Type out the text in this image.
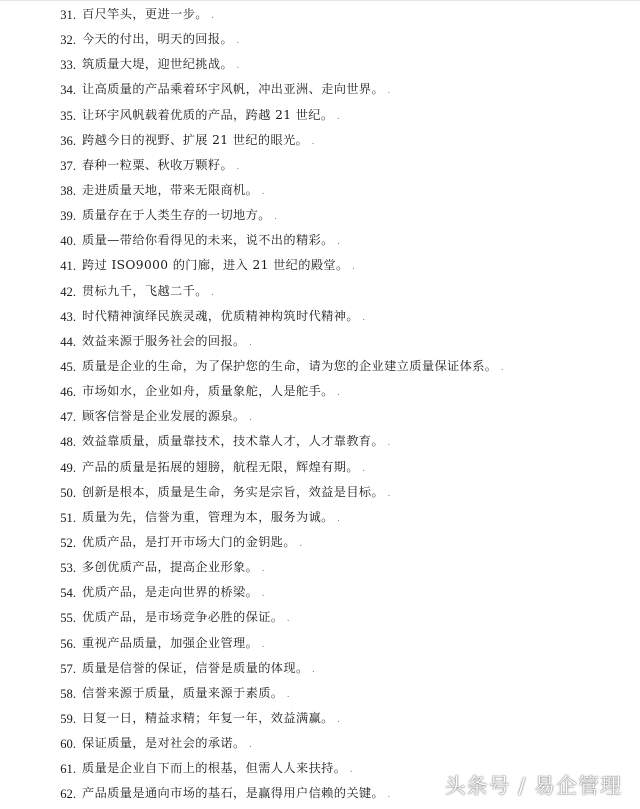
31. 百尺竿头，更进一步。 .
32. 今天的付出，明天的回报。 .
33. 筑质量大堤，迎世纪挑战。 .
34. 让高质量的产品乘着环宇风帆，冲出亚洲、走向世界。 .
35. 让环宇风帆载着优质的产品，跨越 21 世纪。 .
36. 跨越今日的视野、扩展 21 世纪的眼光。 .
37. 春种一粒粟、秋收万颗籽。 .
38. 走进质量天地，带来无限商机。 .
39. 质量存在于人类生存的一切地方。 .
40. 质量—带给你看得见的未来，说不出的精彩。 .
41. 跨过 ISO9000 的门廊，进入 21 世纪的殿堂。 .
42. 贯标九千，飞越二千。 .
43. 时代精神演绎民族灵魂，优质精神构筑时代精神。 .
44. 效益来源于服务社会的回报。 .
45. 质量是企业的生命，为了保护您的生命，请为您的企业建立质量保证体系。 .
46. 市场如水，企业如舟，质量象舵，人是舵手。 .
47. 顾客信誉是企业发展的源泉。 .
48. 效益靠质量，质量靠技术，技术靠人才，人才靠教育。 .
49. 产品的质量是拓展的翅膀，航程无限，辉煌有期。 .
50. 创新是根本，质量是生命，务实是宗旨，效益是目标。 .
51. 质量为先，信誉为重，管理为本，服务为诚。 .
52. 优质产品，是打开市场大门的金钥匙。 .
53. 多创优质产品，提高企业形象。 .
54. 优质产品，是走向世界的桥梁。 .
55. 优质产品，是市场竞争必胜的保证。 .
56. 重视产品质量，加强企业管理。 .
57. 质量是信誉的保证，信誉是质量的体现。 .
58. 信誉来源于质量，质量来源于素质。 .
59. 日复一日，精益求精；年复一年，效益满赢。 .
60. 保证质量，是对社会的承诺。 .
61. 质量是企业自下而上的根基，但需人人来扶持。 .
62. 产品质量是通向市场的基石，是赢得用户信赖的关键。 .	头条号 / 易企管理
